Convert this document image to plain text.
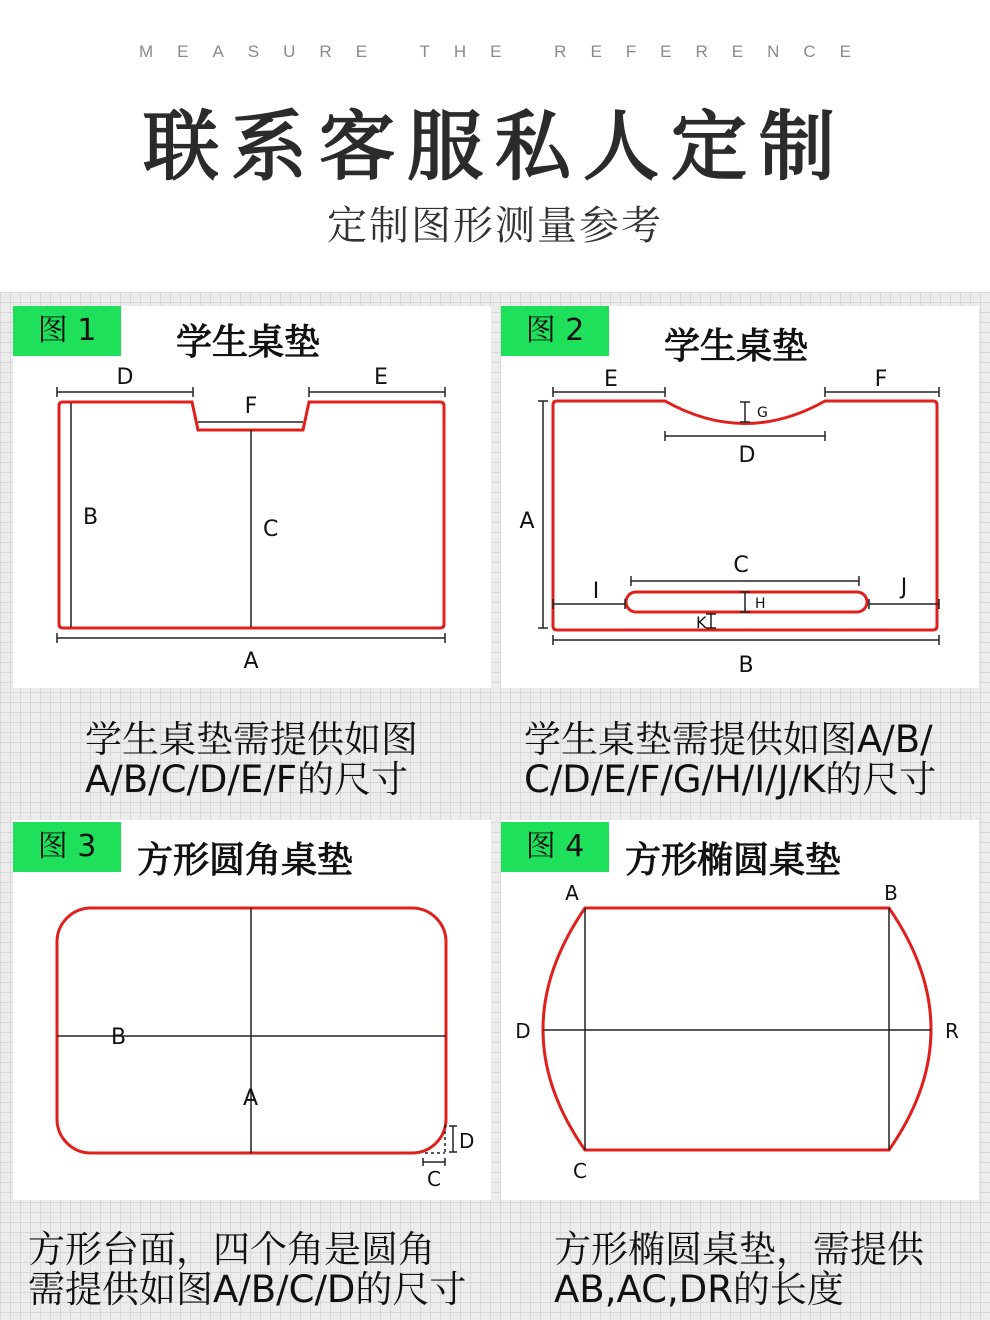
MEASURE THE REFERENCE
联系客服私人定制
定制图形测量参考
图 1	学生桌垫
D	E
F
B	C
A
图 2	学生桌垫
E	F
G
D
A
C
I	J
H
K
B
学生桌垫需提供如图
A/B/C/D/E/F的尺寸
学生桌垫需提供如图A/B/
C/D/E/F/G/H/I/J/K的尺寸
图 3	方形圆角桌垫
B
A
D
C
图 4	方形椭圆桌垫
A	B
D	R
C
方形台面，四个角是圆角
需提供如图A/B/C/D的尺寸
方形椭圆桌垫，需提供
AB,AC,DR的长度
